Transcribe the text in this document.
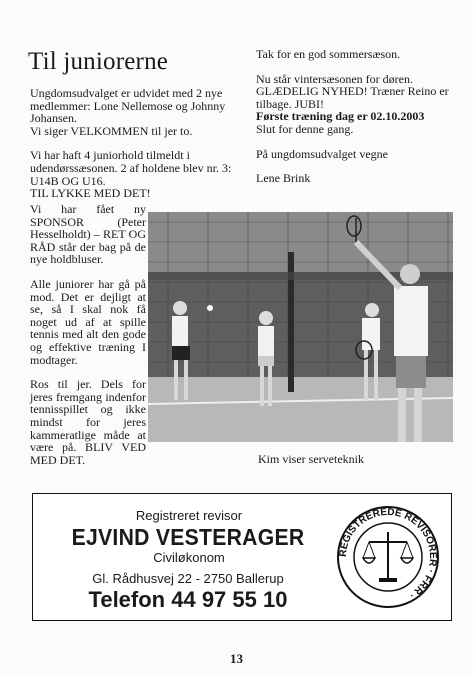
Til juniorerne

Ungdomsudvalget er udvidet med 2 nye medlemmer: Lone Nellemose og Johnny Johansen.
Vi siger VELKOMMEN til jer to.

Vi har haft 4 juniorhold tilmeldt i udendørssæsonen. 2 af holdene blev nr. 3: U14B OG U16.
TIL LYKKE MED DET!

Vi har fået ny SPONSOR (Peter Hesselholdt) – RET OG RÅD står der bag på de nye holdbluser.

Alle juniorer har gå på mod. Det er dejligt at se, så I skal nok få noget ud af at spille tennis med alt den gode og effektive træning I modtager.

Ros til jer. Dels for jeres fremgang indenfor tennisspillet og ikke mindst for jeres kammeratlige måde at være på. BLIV VED MED DET.

Tak for en god sommersæson.

Nu står vintersæsonen for døren. GLÆDELIG NYHED! Træner Reino er tilbage. JUBI!
Første træning dag er 02.10.2003
Slut for denne gang.

På ungdomsudvalget vegne

Lene Brink

Kim viser serveteknik
Registreret revisor
EJVIND VESTERAGER
Civiløkonom
Gl. Rådhusvej 22 - 2750 Ballerup
Telefon 44 97 55 10
REGISTREREDE REVISORER · FRR ·
13
